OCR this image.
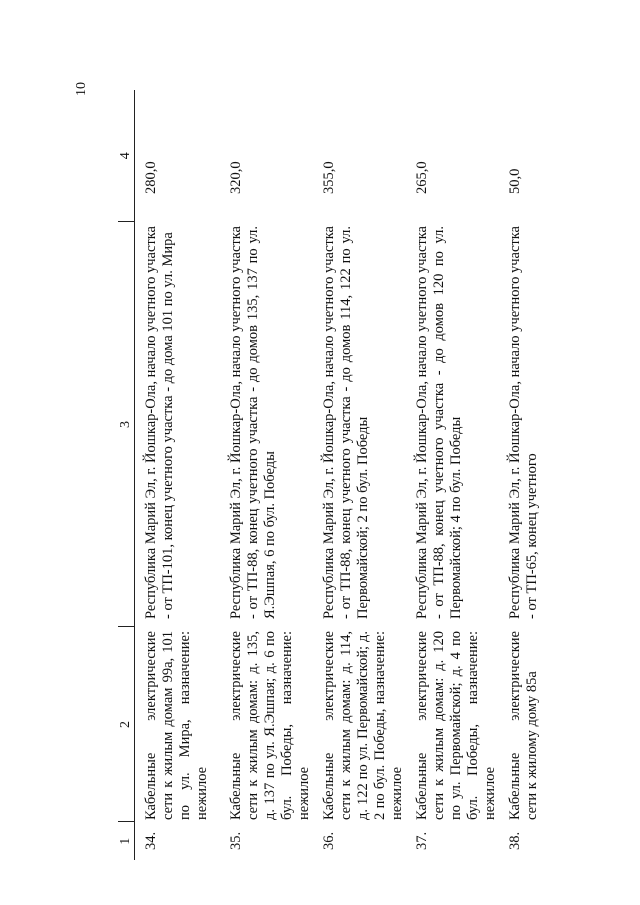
10
1	2	3	4
34.	Кабельные электрические сети к жилым домам 99а, 101 по ул. Мира, назначение: нежилое	Республика Марий Эл, г. Йошкар-Ола, начало учетного участка - от ТП-101, конец учетного участка - до дома 101 по ул. Мира	280,0
35.	Кабельные электрические сети к жилым домам: д. 135, д. 137 по ул. Я.Эшпая; д. 6 по бул. Победы, назначение: нежилое	Республика Марий Эл, г. Йошкар-Ола, начало учетного участка - от ТП-88, конец учетного участка - до домов 135, 137 по ул. Я.Эшпая, 6 по бул. Победы	320,0
36.	Кабельные электрические сети к жилым домам: д. 114, д. 122 по ул. Первомайской; д. 2 по бул. Победы, назначение: нежилое	Республика Марий Эл, г. Йошкар-Ола, начало учетного участка - от ТП-88, конец учетного участка - до домов 114, 122 по ул. Первомайской; 2 по бул. Победы	355,0
37.	Кабельные электрические сети к жилым домам: д. 120 по ул. Первомайской; д. 4 по бул. Победы, назначение: нежилое	Республика Марий Эл, г. Йошкар-Ола, начало учетного участка - от ТП-88, конец учетного участка - до домов 120 по ул. Первомайской; 4 по бул. Победы	265,0
38.	Кабельные электрические сети к жилому дому 85а	Республика Марий Эл, г. Йошкар-Ола, начало учетного участка - от ТП-65, конец учетного	50,0
